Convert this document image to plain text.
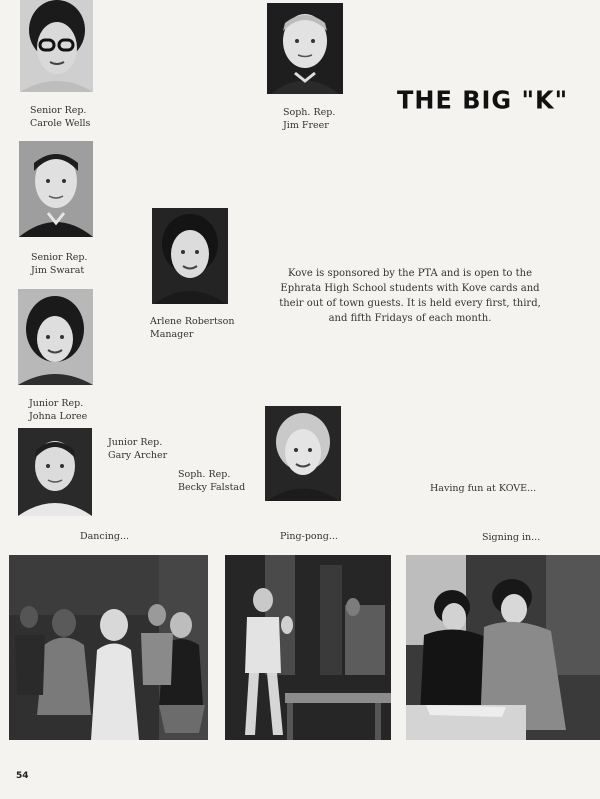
THE BIG "K"
Senior Rep.
Carole Wells
Soph. Rep.
Jim Freer
Senior Rep.
Jim Swarat
Arlene Robertson
Manager
Junior Rep.
Johna Loree
Junior Rep.
Gary Archer
Soph. Rep.
Becky Falstad
Kove is sponsored by the PTA and is open to the Ephrata High School students with Kove cards and their out of town guests. It is held every first, third, and fifth Fridays of each month.
Having fun at KOVE...
Dancing...	Ping-pong...	Signing in...
54
